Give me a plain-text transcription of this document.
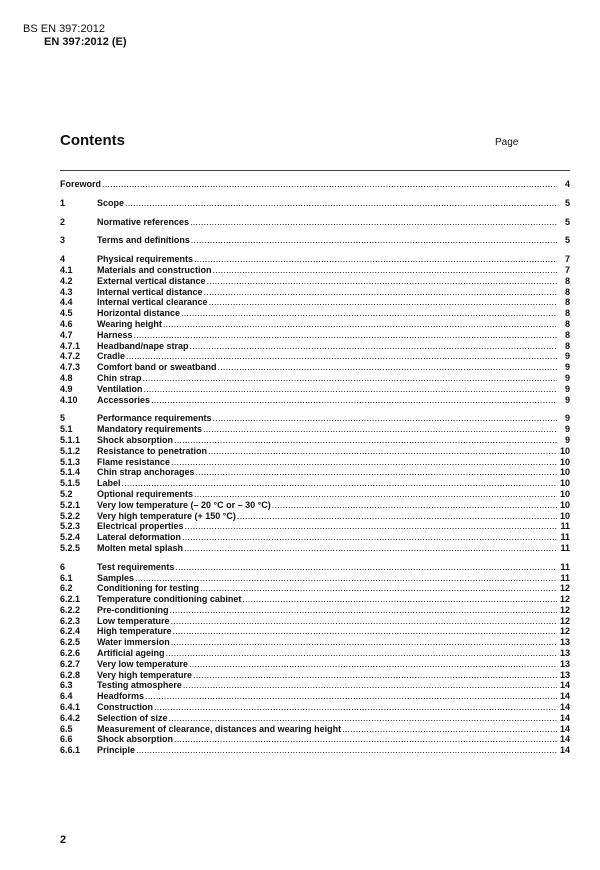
BS EN 397:2012
EN 397:2012 (E)
Contents	Page
Foreword .....	4
1	Scope .....	5
2	Normative references .....	5
3	Terms and definitions .....	5
4	Physical requirements .....	7
4.1	Materials and construction .....	7
4.2	External vertical distance .....	8
4.3	Internal vertical distance .....	8
4.4	Internal vertical clearance .....	8
4.5	Horizontal distance .....	8
4.6	Wearing height .....	8
4.7	Harness .....	8
4.7.1	Headband/nape strap .....	8
4.7.2	Cradle .....	9
4.7.3	Comfort band or sweatband .....	9
4.8	Chin strap .....	9
4.9	Ventilation .....	9
4.10	Accessories .....	9
5	Performance requirements .....	9
5.1	Mandatory requirements .....	9
5.1.1	Shock absorption .....	9
5.1.2	Resistance to penetration .....	10
5.1.3	Flame resistance .....	10
5.1.4	Chin strap anchorages .....	10
5.1.5	Label .....	10
5.2	Optional requirements .....	10
5.2.1	Very low temperature (– 20 °C or – 30 °C) .....	10
5.2.2	Very high temperature (+ 150 °C) .....	10
5.2.3	Electrical properties .....	11
5.2.4	Lateral deformation .....	11
5.2.5	Molten metal splash .....	11
6	Test requirements .....	11
6.1	Samples .....	11
6.2	Conditioning for testing .....	12
6.2.1	Temperature conditioning cabinet .....	12
6.2.2	Pre-conditioning .....	12
6.2.3	Low temperature .....	12
6.2.4	High temperature .....	12
6.2.5	Water immersion .....	13
6.2.6	Artificial ageing .....	13
6.2.7	Very low temperature .....	13
6.2.8	Very high temperature .....	13
6.3	Testing atmosphere .....	14
6.4	Headforms .....	14
6.4.1	Construction .....	14
6.4.2	Selection of size .....	14
6.5	Measurement of clearance, distances and wearing height .....	14
6.6	Shock absorption .....	14
6.6.1	Principle .....	14
2
